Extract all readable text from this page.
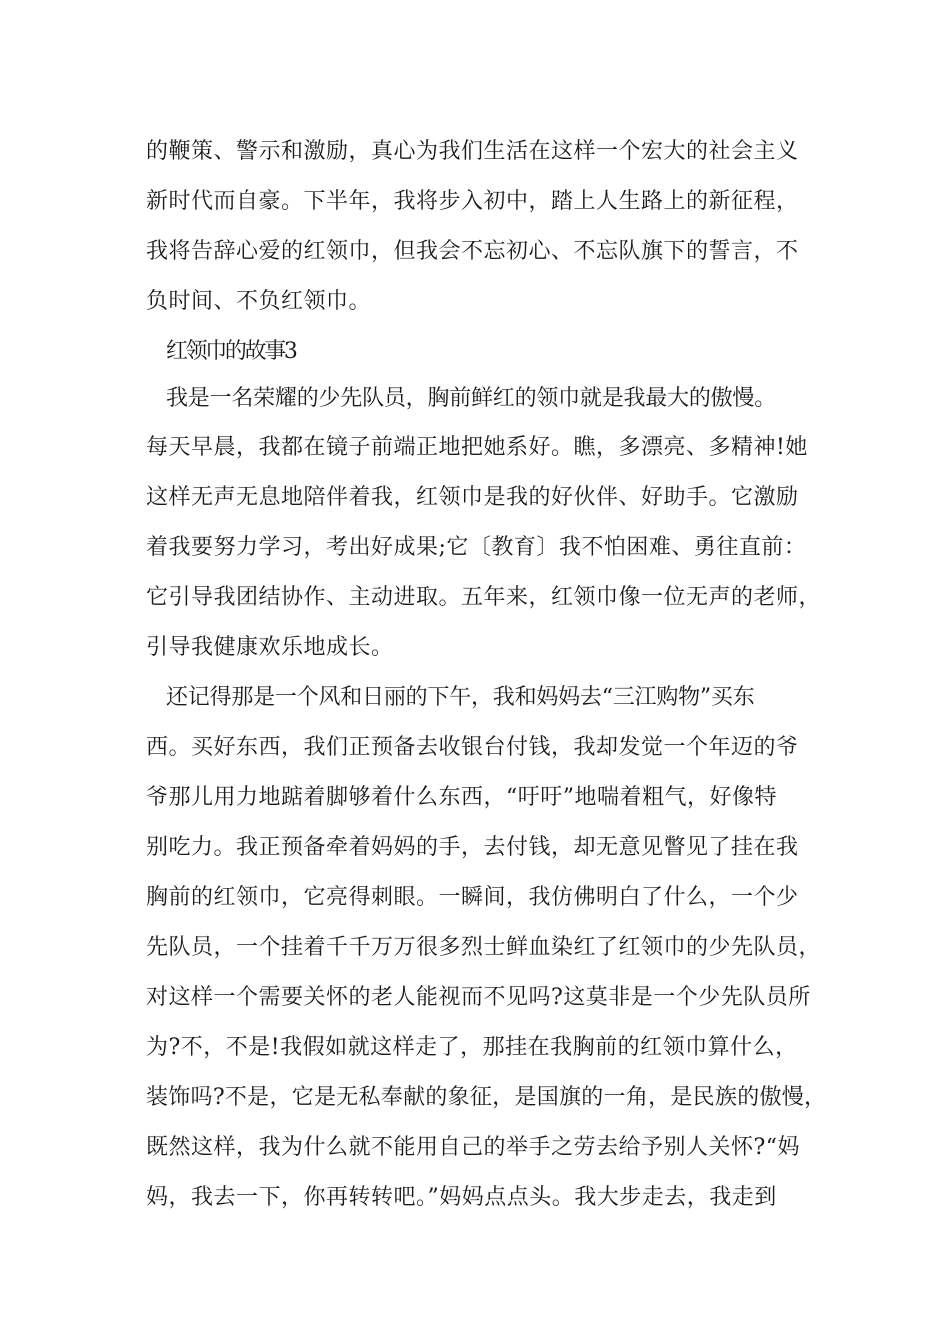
的鞭策、警示和激励，真心为我们生活在这样一个宏大的社会主义
新时代而自豪。下半年，我将步入初中，踏上人生路上的新征程，
我将告辞心爱的红领巾，但我会不忘初心、不忘队旗下的誓言，不
负时间、不负红领巾。
红领巾的故事3
我是一名荣耀的少先队员，胸前鲜红的领巾就是我最大的傲慢。
每天早晨，我都在镜子前端正地把她系好。瞧，多漂亮、多精神!她
这样无声无息地陪伴着我，红领巾是我的好伙伴、好助手。它激励
着我要努力学习，考出好成果;它〔教育〕我不怕困难、勇往直前：
它引导我团结协作、主动进取。五年来，红领巾像一位无声的老师，
引导我健康欢乐地成长。
还记得那是一个风和日丽的下午，我和妈妈去“三江购物”买东
西。买好东西，我们正预备去收银台付钱，我却发觉一个年迈的爷
爷那儿用力地踮着脚够着什么东西，“吁吁”地喘着粗气，好像特
别吃力。我正预备牵着妈妈的手，去付钱，却无意见瞥见了挂在我
胸前的红领巾，它亮得刺眼。一瞬间，我仿佛明白了什么，一个少
先队员，一个挂着千千万万很多烈士鲜血染红了红领巾的少先队员，
对这样一个需要关怀的老人能视而不见吗?这莫非是一个少先队员所
为?不，不是!我假如就这样走了，那挂在我胸前的红领巾算什么，
装饰吗?不是，它是无私奉献的象征，是国旗的一角，是民族的傲慢，
既然这样，我为什么就不能用自己的举手之劳去给予别人关怀?“妈
妈，我去一下，你再转转吧。”妈妈点点头。我大步走去，我走到
